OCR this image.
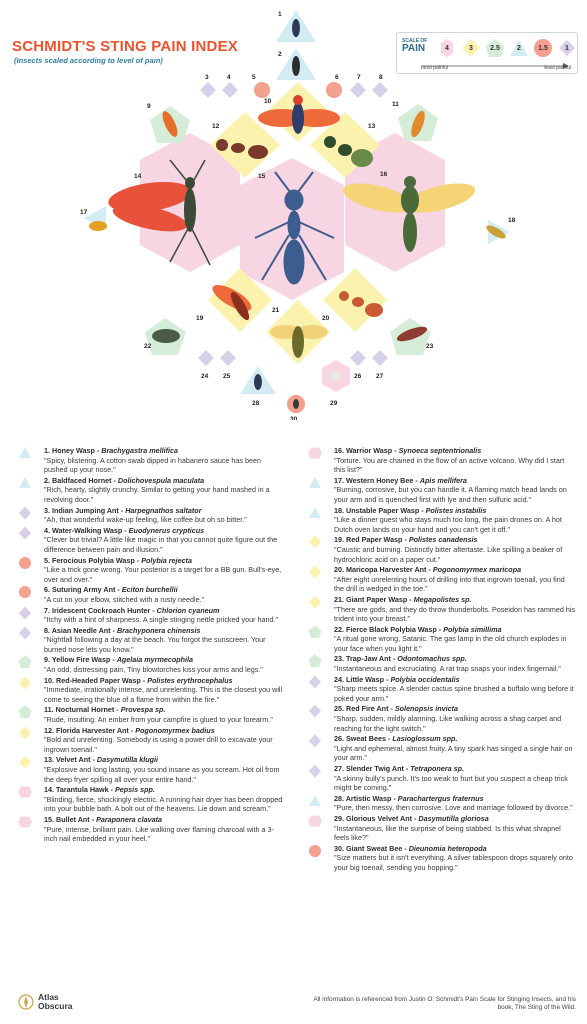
1
2
3	4	5	6	7	8
9
10	11
12	13
14	15	16
17
18
19	20
21
22	23
24 25	26 27
28	29
30
SCHMIDT'S STING PAIN INDEX
(Insects scaled according to level of pain)
SCALE OF
PAIN	4	3 2.5 2 1.5 1
most painful	least painful
1. Honey Wasp - Brachygastra mellifica
"Spicy, blistering. A cotton swab dipped in habanero sauce has been pushed up your nose."
2. Baldfaced Hornet - Dolichovespula maculata
"Rich, hearty, slightly crunchy. Similar to getting your hand mashed in a revolving door."
3. Indian Jumping Ant - Harpegnathos saltator
"Ah, that wonderful wake-up feeling, like coffee but oh so bitter."
4. Water-Walking Wasp - Euodynerus crypticus
"Clever but trivial? A little like magic in that you cannot quite figure out the difference between pain and illusion."
5. Ferocious Polybia Wasp - Polybia rejecta
"Like a trick gone wrong. Your posterior is a target for a BB gun. Bull's-eye, over and over."
6. Suturing Army Ant - Eciton burchellii
"A cut on your elbow, stitched with a rusty needle."
7. Iridescent Cockroach Hunter - Chlorion cyaneum
"Itchy with a hint of sharpness. A single stinging nettle pricked your hand."
8. Asian Needle Ant - Brachyponera chinensis
"Nightfall following a day at the beach. You forgot the sunscreen. Your burned nose lets you know."
9. Yellow Fire Wasp - Agelaia myrmecophila
"An odd, distressing pain, Tiny blowtorches kiss your arms and legs."
10. Red-Headed Paper Wasp - Polistes erythrocephalus
"Immediate, irrationally intense, and unrelenting. This is the closest you will come to seeing the blue of a flame from within the fire."
11. Nocturnal Hornet - Provespa sp.
"Rude, insulting. An ember from your campfire is glued to your forearm."
12. Florida Harvester Ant - Pogonomyrmex badius
"Bold and unrelenting. Somebody is using a power drill to excavate your ingrown toenail."
13. Velvet Ant - Dasymutilla klugii
"Explosive and long lasting, you sound insane as you scream. Hot oil from the deep fryer spilling all over your entire hand."
14. Tarantula Hawk - Pepsis spp.
"Blinding, fierce, shockingly electric. A running hair dryer has been dropped into your bubble bath. A bolt out of the heavens. Lie down and scream."
15. Bullet Ant - Paraponera clavata
"Pure, intense, brilliant pain. Like walking over flaming charcoal with a 3-inch nail embedded in your heel."
16. Warrior Wasp - Synoeca septentrionalis
"Torture. You are chained in the flow of an active volcano. Why did I start this list?"
17. Western Honey Bee - Apis mellifera
"Burning, corrosive, but you can handle it. A flaming match head lands on your arm and is quenched first with lye and then sulfuric acid."
18. Unstable Paper Wasp - Polistes instabilis
"Like a dinner guest who stays much too long, the pain drones on. A hot Dutch oven lands on your hand and you can't get it off."
19. Red Paper Wasp - Polistes canadensis
"Caustic and burning. Distinctly bitter aftertaste. Like spilling a beaker of hydrochloric acid on a paper cut."
20. Maricopa Harvester Ant - Pogonomyrmex maricopa
"After eight unrelenting hours of drilling into that ingrown toenail, you find the drill is wedged in the toe."
21. Giant Paper Wasp - Megapolistes sp.
"There are gods, and they do throw thunderbolts. Poseidon has rammed his trident into your breast."
22. Fierce Black Polybia Wasp - Polybia simillima
"A ritual gone wrong, Satanic. The gas lamp in the old church explodes in your face when you light it."
23. Trap-Jaw Ant - Odontomachus spp.
"Instantaneous and excruciating. A rat trap snaps your index fingernail."
24. Little Wasp - Polybia occidentalis
"Sharp meets spice. A slender cactus spine brushed a buffalo wing before it poked your arm."
25. Red Fire Ant - Solenopsis invicta
"Sharp, sudden, mildly alarming. Like walking across a shag carpet and reaching for the light switch."
26. Sweat Bees - Lasioglossum spp.
"Light and ephemeral, almost fruity. A tiny spark has singed a single hair on your arm."
27. Slender Twig Ant - Tetraponera sp.
"A skinny bully's punch. It's too weak to hurt but you suspect a cheap trick might be coming."
28. Artistic Wasp - Parachartergus fraternus
"Pure, then messy, then corrosive. Love and marriage followed by divorce."
29. Glorious Velvet Ant - Dasymutilla gloriosa
"Instantaneous, like the surprise of being stabbed. Is this what shrapnel feels like?"
30. Giant Sweat Bee - Dieunomia heteropoda
"Size matters but it isn't everything. A silver tablespoon drops squarely onto your big toenail, sending you hopping."
Atlas
Obscura
All information is referenced from Justin O. Schmidt's Pain Scale for Stinging Insects, and his book, The Sting of the Wild.
